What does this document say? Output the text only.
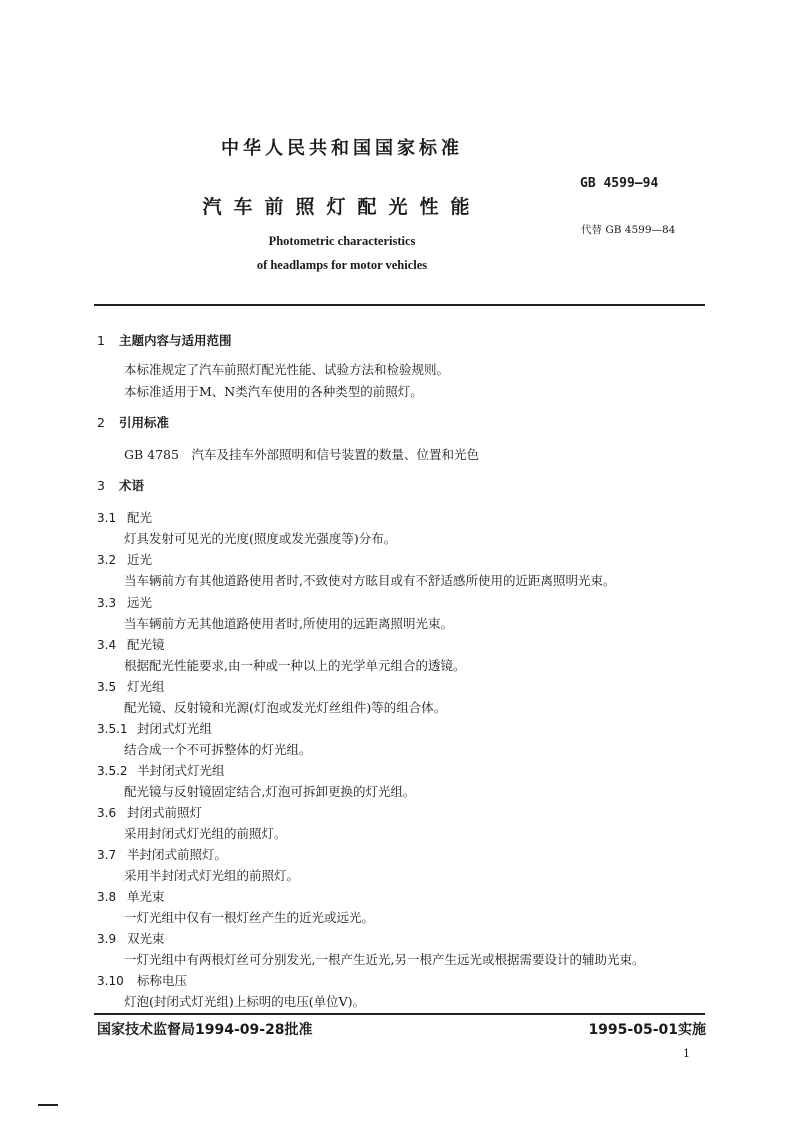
中华人民共和国国家标准
GB 4599—94
汽车前照灯配光性能
代替 GB 4599—84
Photometric characteristics
of headlamps for motor vehicles
1 主题内容与适用范围
本标准规定了汽车前照灯配光性能、试验方法和检验规则。
本标准适用于M、N类汽车使用的各种类型的前照灯。
2 引用标准
GB 4785　汽车及挂车外部照明和信号装置的数量、位置和光色
3 术语
3.1 配光
灯具发射可见光的光度(照度或发光强度等)分布。
3.2 近光
当车辆前方有其他道路使用者时,不致使对方眩目或有不舒适感所使用的近距离照明光束。
3.3 远光
当车辆前方无其他道路使用者时,所使用的远距离照明光束。
3.4 配光镜
根据配光性能要求,由一种或一种以上的光学单元组合的透镜。
3.5 灯光组
配光镜、反射镜和光源(灯泡或发光灯丝组件)等的组合体。
3.5.1 封闭式灯光组
结合成一个不可拆整体的灯光组。
3.5.2 半封闭式灯光组
配光镜与反射镜固定结合,灯泡可拆卸更换的灯光组。
3.6 封闭式前照灯
采用封闭式灯光组的前照灯。
3.7 半封闭式前照灯。
采用半封闭式灯光组的前照灯。
3.8 单光束
一灯光组中仅有一根灯丝产生的近光或远光。
3.9 双光束
一灯光组中有两根灯丝可分别发光,一根产生近光,另一根产生远光或根据需要设计的辅助光束。
3.10 标称电压
灯泡(封闭式灯光组)上标明的电压(单位V)。
国家技术监督局1994-09-28批准	1995-05-01实施
1
